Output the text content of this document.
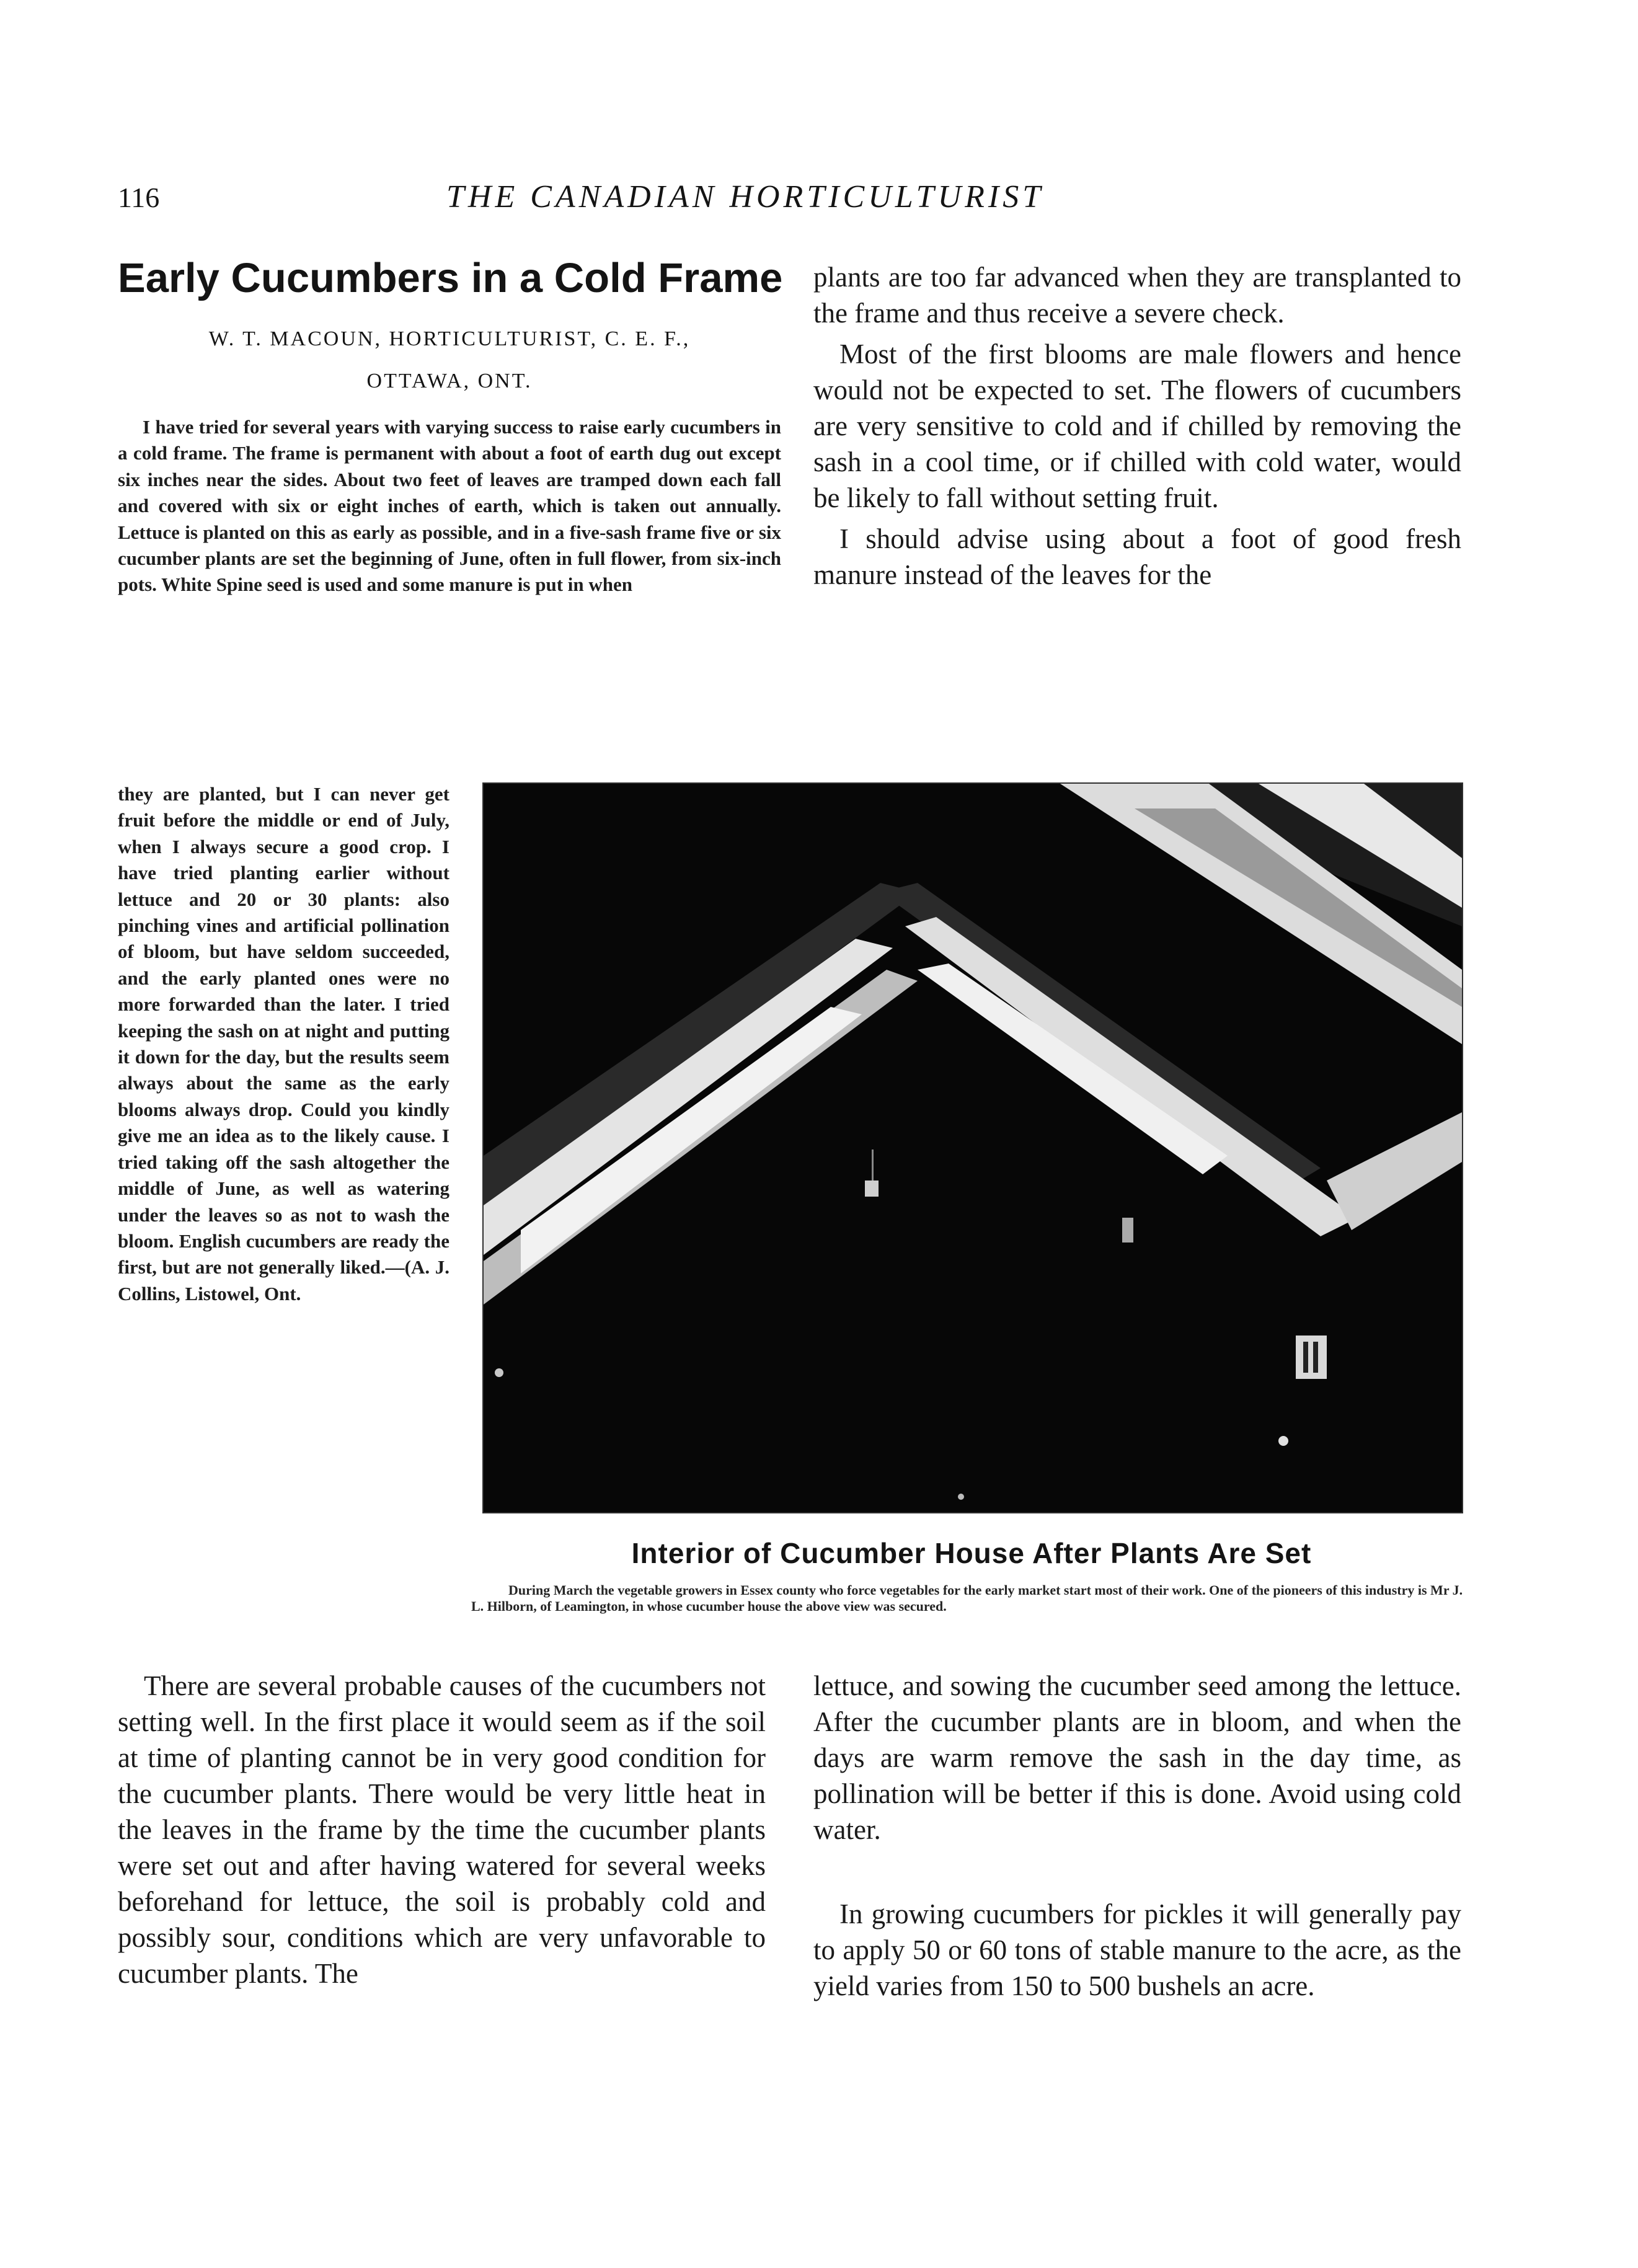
116	THE CANADIAN HORTICULTURIST
Early Cucumbers in a Cold Frame
W. T. MACOUN, HORTICULTURIST, C. E. F.,
OTTAWA, ONT.

I have tried for several years with varying success to raise early cucumbers in a cold frame. The frame is permanent with about a foot of earth dug out except six inches near the sides. About two feet of leaves are tramped down each fall and covered with six or eight inches of earth, which is taken out annually. Lettuce is planted on this as early as possible, and in a five-sash frame five or six cucumber plants are set the beginning of June, often in full flower, from six-inch pots. White Spine seed is used and some manure is put in when

they are planted, but I can never get fruit before the middle or end of July, when I always secure a good crop. I have tried planting earlier without lettuce and 20 or 30 plants: also pinching vines and artificial pollination of bloom, but have seldom succeeded, and the early planted ones were no more forwarded than the later. I tried keeping the sash on at night and putting it down for the day, but the results seem always about the same as the early blooms always drop. Could you kindly give me an idea as to the likely cause. I tried taking off the sash altogether the middle of June, as well as watering under the leaves so as not to wash the bloom. English cucumbers are ready the first, but are not generally liked.—(A. J. Collins, Listowel, Ont.

plants are too far advanced when they are transplanted to the frame and thus receive a severe check.

Most of the first blooms are male flowers and hence would not be expected to set. The flowers of cucumbers are very sensitive to cold and if chilled by removing the sash in a cool time, or if chilled with cold water, would be likely to fall without setting fruit.

I should advise using about a foot of good fresh manure instead of the leaves for the

Interior of Cucumber House After Plants Are Set
During March the vegetable growers in Essex county who force vegetables for the early market start most of their work. One of the pioneers of this industry is Mr J. L. Hilborn, of Leamington, in whose cucumber house the above view was secured.

There are several probable causes of the cucumbers not setting well. In the first place it would seem as if the soil at time of planting cannot be in very good condition for the cucumber plants. There would be very little heat in the leaves in the frame by the time the cucumber plants were set out and after having watered for several weeks beforehand for lettuce, the soil is probably cold and possibly sour, conditions which are very unfavorable to cucumber plants. The

lettuce, and sowing the cucumber seed among the lettuce. After the cucumber plants are in bloom, and when the days are warm remove the sash in the day time, as pollination will be better if this is done. Avoid using cold water.

In growing cucumbers for pickles it will generally pay to apply 50 or 60 tons of stable manure to the acre, as the yield varies from 150 to 500 bushels an acre.
